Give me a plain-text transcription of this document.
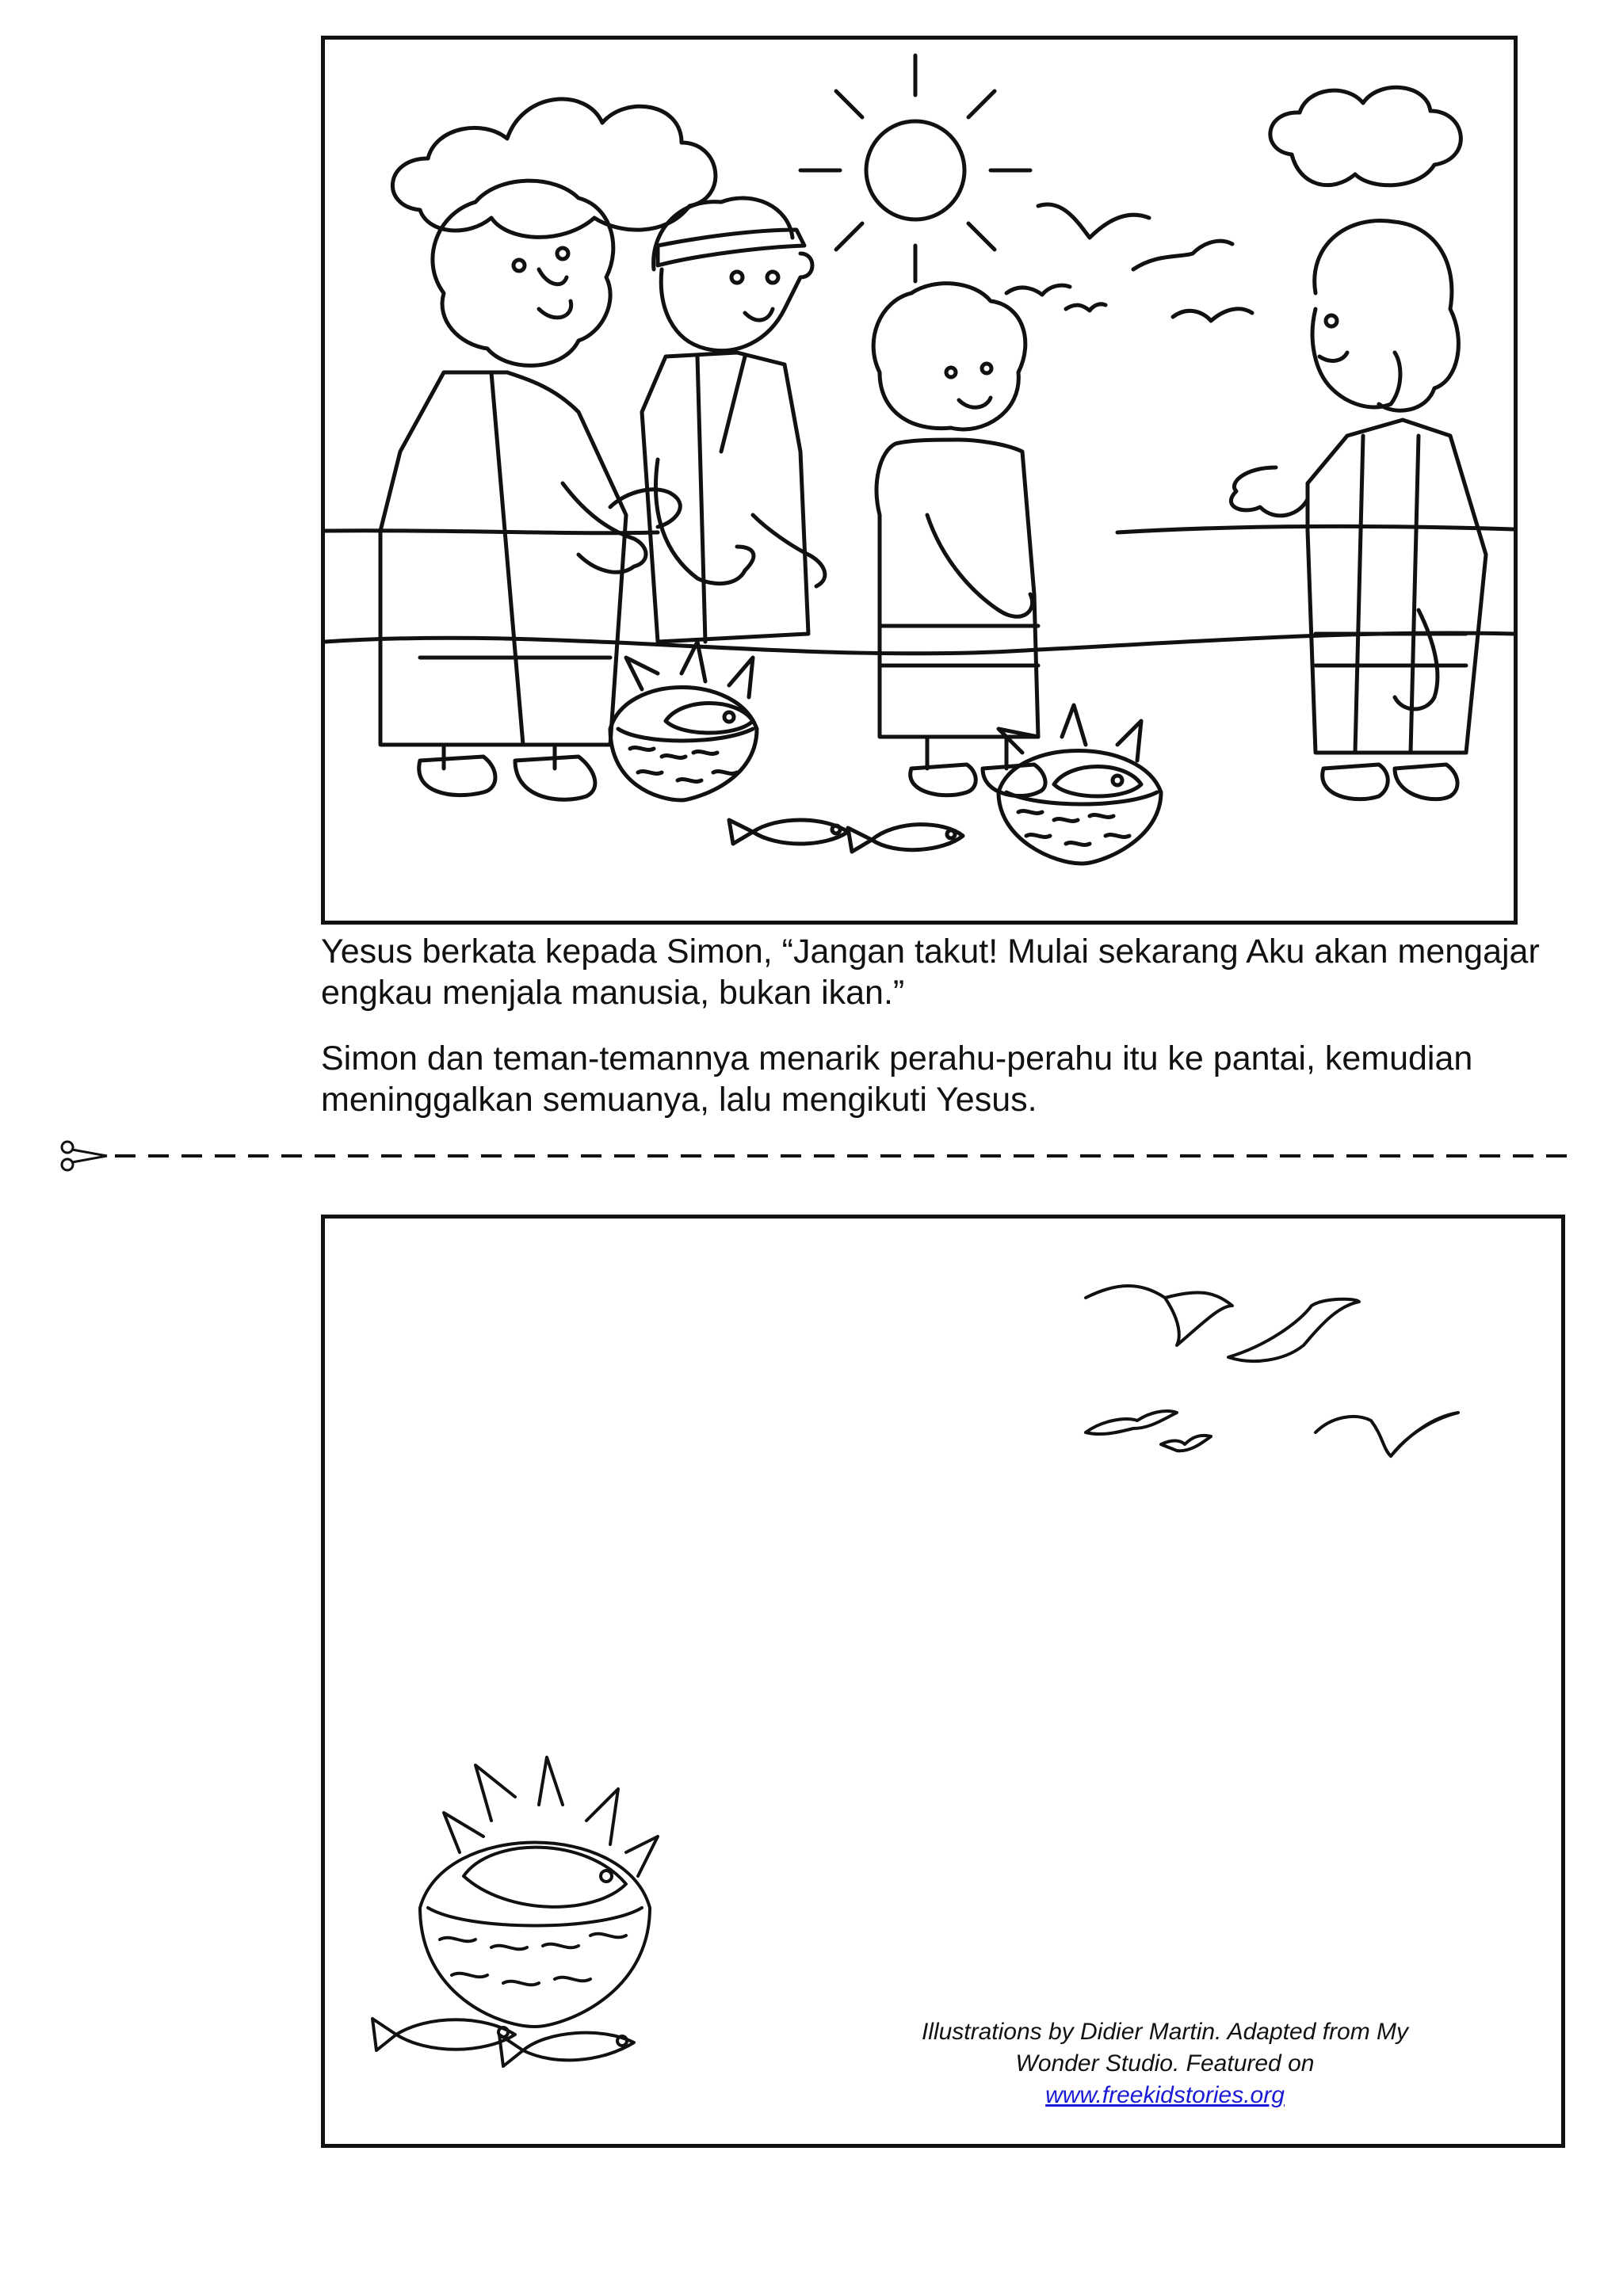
Yesus berkata kepada Simon, “Jangan takut! Mulai sekarang Aku akan mengajar engkau menjala manusia, bukan ikan.”
Simon dan teman-temannya menarik perahu-perahu itu ke pantai, kemudian meninggalkan semuanya, lalu mengikuti Yesus.
Illustrations by Didier Martin. Adapted from My Wonder Studio. Featured on
www.freekidstories.org
